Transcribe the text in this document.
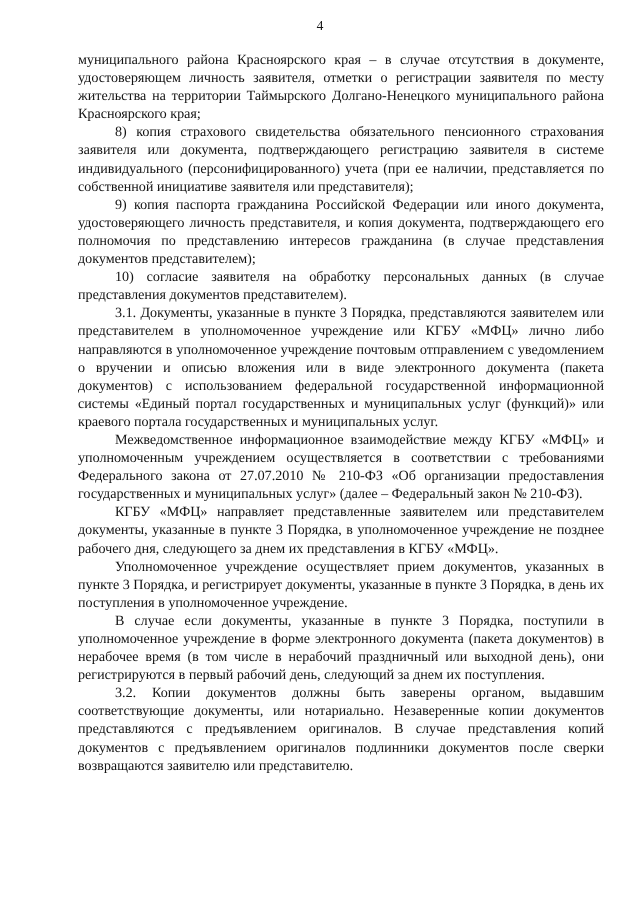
4

муниципального района Красноярского края – в случае отсутствия в документе, удостоверяющем личность заявителя, отметки о регистрации заявителя по месту жительства на территории Таймырского Долгано-Ненецкого муниципального района Красноярского края;

8) копия страхового свидетельства обязательного пенсионного страхования заявителя или документа, подтверждающего регистрацию заявителя в системе индивидуального (персонифицированного) учета (при ее наличии, представляется по собственной инициативе заявителя или представителя);

9) копия паспорта гражданина Российской Федерации или иного документа, удостоверяющего личность представителя, и копия документа, подтверждающего его полномочия по представлению интересов гражданина (в случае представления документов представителем);

10) согласие заявителя на обработку персональных данных (в случае представления документов представителем).

3.1. Документы, указанные в пункте 3 Порядка, представляются заявителем или представителем в уполномоченное учреждение или КГБУ «МФЦ» лично либо направляются в уполномоченное учреждение почтовым отправлением с уведомлением о вручении и описью вложения или в виде электронного документа (пакета документов) с использованием федеральной государственной информационной системы «Единый портал государственных и муниципальных услуг (функций)» или краевого портала государственных и муниципальных услуг.

Межведомственное информационное взаимодействие между КГБУ «МФЦ» и уполномоченным учреждением осуществляется в соответствии с требованиями Федерального закона от 27.07.2010 № 210-ФЗ «Об организации предоставления государственных и муниципальных услуг» (далее – Федеральный закон № 210-ФЗ).

КГБУ «МФЦ» направляет представленные заявителем или представителем документы, указанные в пункте 3 Порядка, в уполномоченное учреждение не позднее рабочего дня, следующего за днем их представления в КГБУ «МФЦ».

Уполномоченное учреждение осуществляет прием документов, указанных в пункте 3 Порядка, и регистрирует документы, указанные в пункте 3 Порядка, в день их поступления в уполномоченное учреждение.

В случае если документы, указанные в пункте 3 Порядка, поступили в уполномоченное учреждение в форме электронного документа (пакета документов) в нерабочее время (в том числе в нерабочий праздничный или выходной день), они регистрируются в первый рабочий день, следующий за днем их поступления.

3.2. Копии документов должны быть заверены органом, выдавшим соответствующие документы, или нотариально. Незаверенные копии документов представляются с предъявлением оригиналов. В случае представления копий документов с предъявлением оригиналов подлинники документов после сверки возвращаются заявителю или представителю.
